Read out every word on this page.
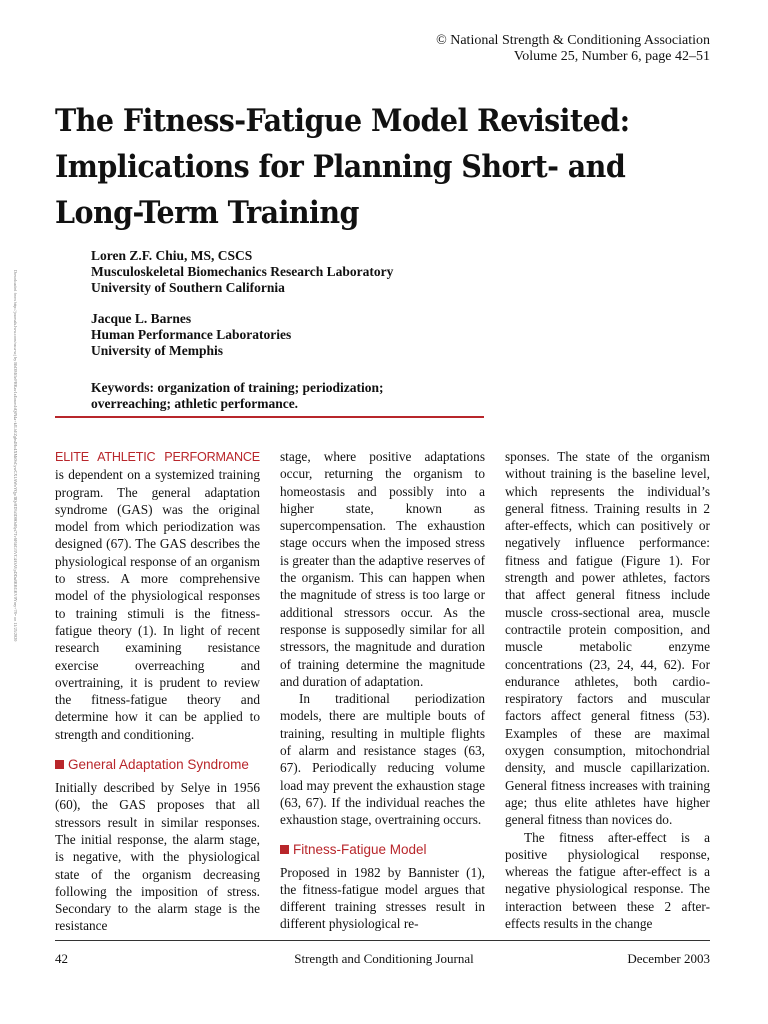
© National Strength & Conditioning Association
Volume 25, Number 6, page 42–51
The Fitness-Fatigue Model Revisited:
Implications for Planning Short- and
Long-Term Training
Downloaded from http://journals.lww.com/nsca-scj by BhDMf5ePHKav1zEoum1tQfN4a+kJLhEZgbsIHo4XMi0hCywCX1AWnYQp/IlQrHD3i3D0OdRyi7TvSFl4Cf3VC4/OAVpDDa8KKGKV0Ymy+78= on 11/25/2020
Loren Z.F. Chiu, MS, CSCS
Musculoskeletal Biomechanics Research Laboratory
University of Southern California
Jacque L. Barnes
Human Performance Laboratories
University of Memphis
Keywords: organization of training; periodization;
overreaching; athletic performance.

ELITE ATHLETIC PERFORMANCE is dependent on a systemized training program. The general adaptation syndrome (GAS) was the original model from which periodization was designed (67). The GAS describes the physiological response of an organism to stress. A more comprehensive model of the physiological responses to training stimuli is the fitness-fatigue theory (1). In light of recent research examining resistance exercise overreaching and overtraining, it is prudent to review the fitness-fatigue theory and determine how it can be applied to strength and conditioning.

General Adaptation Syndrome

Initially described by Selye in 1956 (60), the GAS proposes that all stressors result in similar responses. The initial response, the alarm stage, is negative, with the physiological state of the organism decreasing following the imposition of stress. Secondary to the alarm stage is the resistance

stage, where positive adaptations occur, returning the organism to homeostasis and possibly into a higher state, known as supercompensation. The exhaustion stage occurs when the imposed stress is greater than the adaptive reserves of the organism. This can happen when the magnitude of stress is too large or additional stressors occur. As the response is supposedly similar for all stressors, the magnitude and duration of training determine the magnitude and duration of adaptation.

In traditional periodization models, there are multiple bouts of training, resulting in multiple flights of alarm and resistance stages (63, 67). Periodically reducing volume load may prevent the exhaustion stage (63, 67). If the individual reaches the exhaustion stage, overtraining occurs.

Fitness-Fatigue Model

Proposed in 1982 by Bannister (1), the fitness-fatigue model argues that different training stresses result in different physiological re-

sponses. The state of the organism without training is the baseline level, which represents the individual’s general fitness. Training results in 2 after-effects, which can positively or negatively influence performance: fitness and fatigue (Figure 1). For strength and power athletes, factors that affect general fitness include muscle cross-sectional area, muscle contractile protein composition, and muscle metabolic enzyme concentrations (23, 24, 44, 62). For endurance athletes, both cardio-respiratory factors and muscular factors affect general fitness (53). Examples of these are maximal oxygen consumption, mitochondrial density, and muscle capillarization. General fitness increases with training age; thus elite athletes have higher general fitness than novices do.

The fitness after-effect is a positive physiological response, whereas the fatigue after-effect is a negative physiological response. The interaction between these 2 after-effects results in the change

42	Strength and Conditioning Journal	December 2003
